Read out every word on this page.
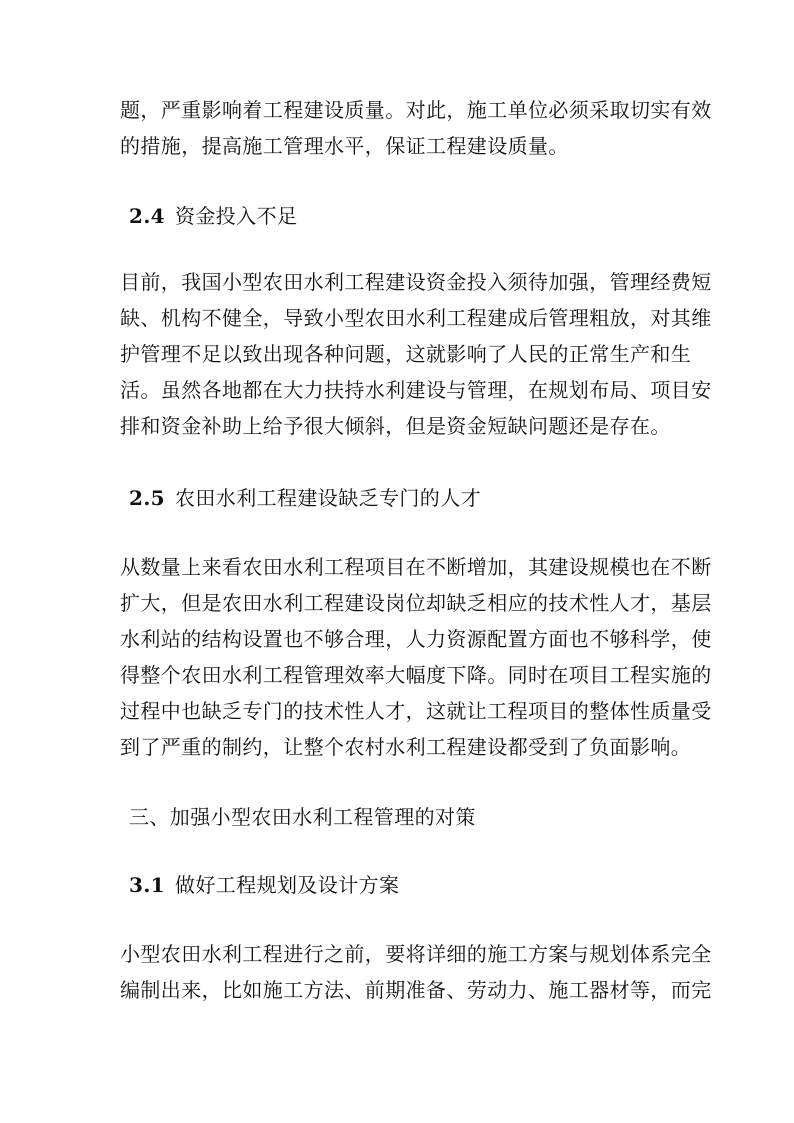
题，严重影响着工程建设质量。对此，施工单位必须采取切实有效
的措施，提高施工管理水平，保证工程建设质量。
2.4 资金投入不足
目前，我国小型农田水利工程建设资金投入须待加强，管理经费短
缺、机构不健全，导致小型农田水利工程建成后管理粗放，对其维
护管理不足以致出现各种问题，这就影响了人民的正常生产和生
活。虽然各地都在大力扶持水利建设与管理，在规划布局、项目安
排和资金补助上给予很大倾斜，但是资金短缺问题还是存在。
2.5 农田水利工程建设缺乏专门的人才
从数量上来看农田水利工程项目在不断增加，其建设规模也在不断
扩大，但是农田水利工程建设岗位却缺乏相应的技术性人才，基层
水利站的结构设置也不够合理，人力资源配置方面也不够科学，使
得整个农田水利工程管理效率大幅度下降。同时在项目工程实施的
过程中也缺乏专门的技术性人才，这就让工程项目的整体性质量受
到了严重的制约，让整个农村水利工程建设都受到了负面影响。
三、加强小型农田水利工程管理的对策
3.1 做好工程规划及设计方案
小型农田水利工程进行之前，要将详细的施工方案与规划体系完全
编制出来，比如施工方法、前期准备、劳动力、施工器材等，而完
